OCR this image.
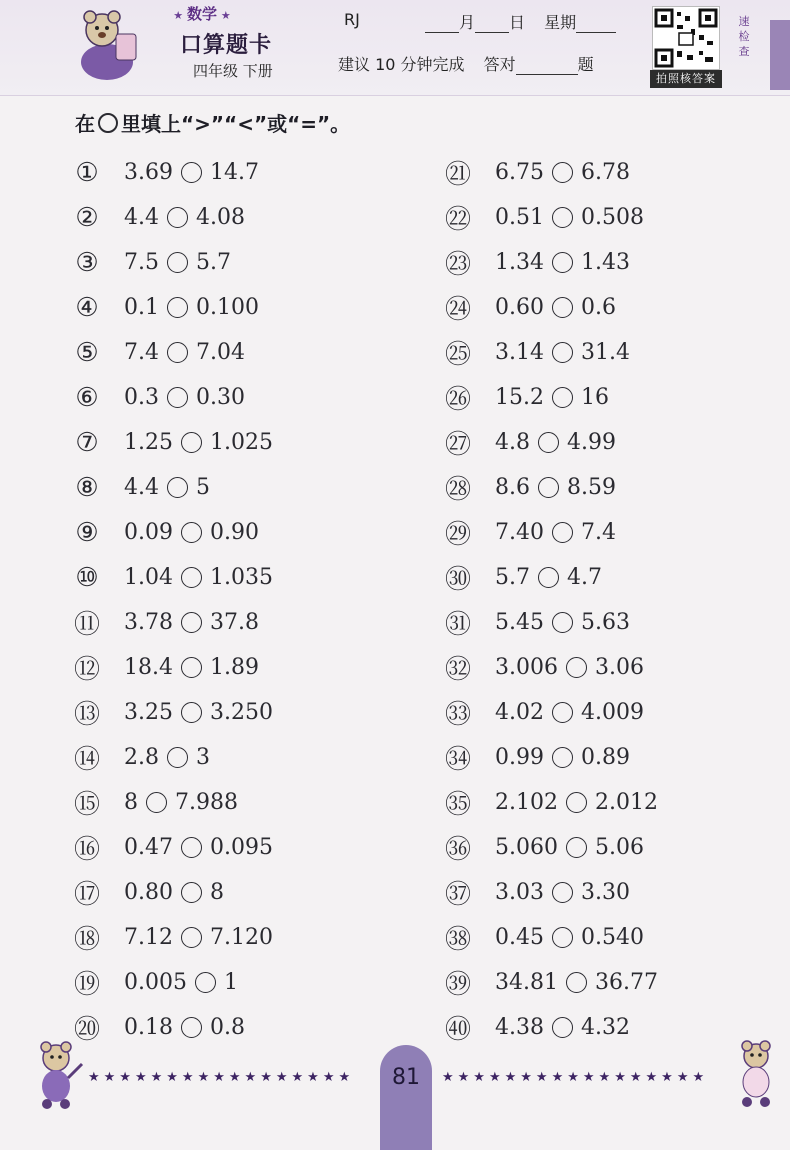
★ 数学 ★
口算题卡
四年级 下册
RJ	月 日 星期
建议 10 分钟完成 答对	题
拍照核答案
速
检
查
在 里填上“>”“<”或“=”。
① 3.69 14.7
② 4.4 4.08
③ 7.5 5.7
④ 0.1 0.100
⑤ 7.4 7.04
⑥ 0.3 0.30
⑦ 1.25 1.025
⑧ 4.4 5
⑨ 0.09 0.90
⑩ 1.04 1.035
⑪ 3.78 37.8
⑫ 18.4 1.89
⑬ 3.25 3.250
⑭ 2.8 3
⑮ 8 7.988
⑯ 0.47 0.095
⑰ 0.80 8
⑱ 7.12 7.120
⑲ 0.005 1
⑳ 0.18 0.8
㉑ 6.75 6.78
㉒ 0.51 0.508
㉓ 1.34 1.43
㉔ 0.60 0.6
㉕ 3.14 31.4
㉖ 15.2 16
㉗ 4.8 4.99
㉘ 8.6 8.59
㉙ 7.40 7.4
㉚ 5.7 4.7
㉛ 5.45 5.63
㉜ 3.006 3.06
㉝ 4.02 4.009
㉞ 0.99 0.89
㉟ 2.102 2.012
㊱ 5.060 5.06
㊲ 3.03 3.30
㊳ 0.45 0.540
㊴ 34.81 36.77
㊵ 4.38 4.32
★★★★★★★★★★★★★★★★★ 81 ★★★★★★★★★★★★★★★★★
